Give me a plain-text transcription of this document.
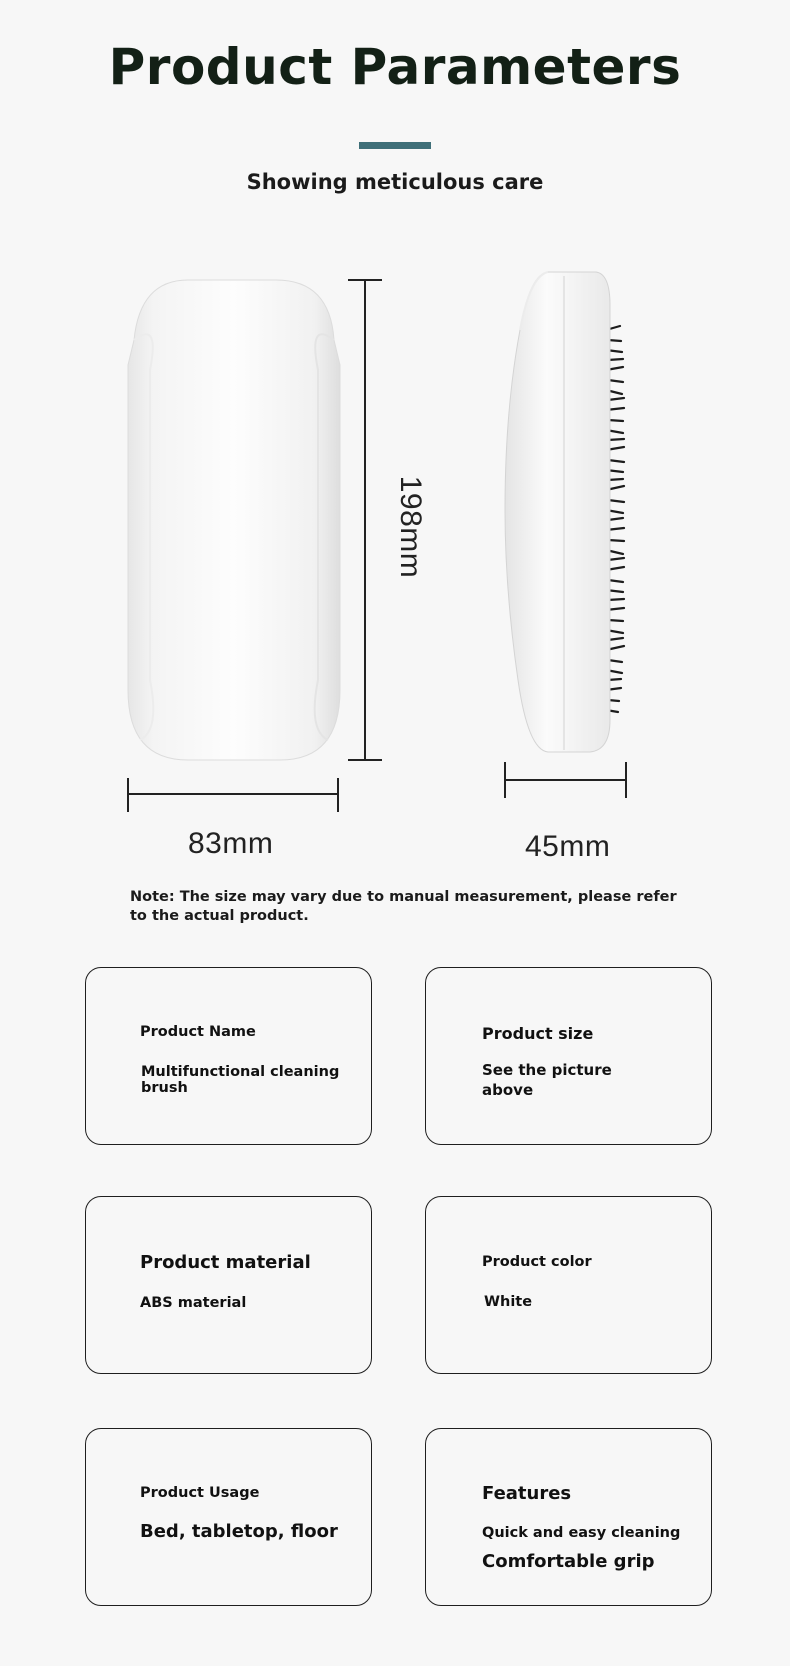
Product Parameters
Showing meticulous care
198mm
83mm	45mm
Note: The size may vary due to manual measurement, please refer to the actual product.
Product Name
Multifunctional cleaning brush
Product size
See the picture above
Product material
ABS material
Product color
White
Product Usage
Bed, tabletop, floor
Features
Quick and easy cleaning
Comfortable grip
